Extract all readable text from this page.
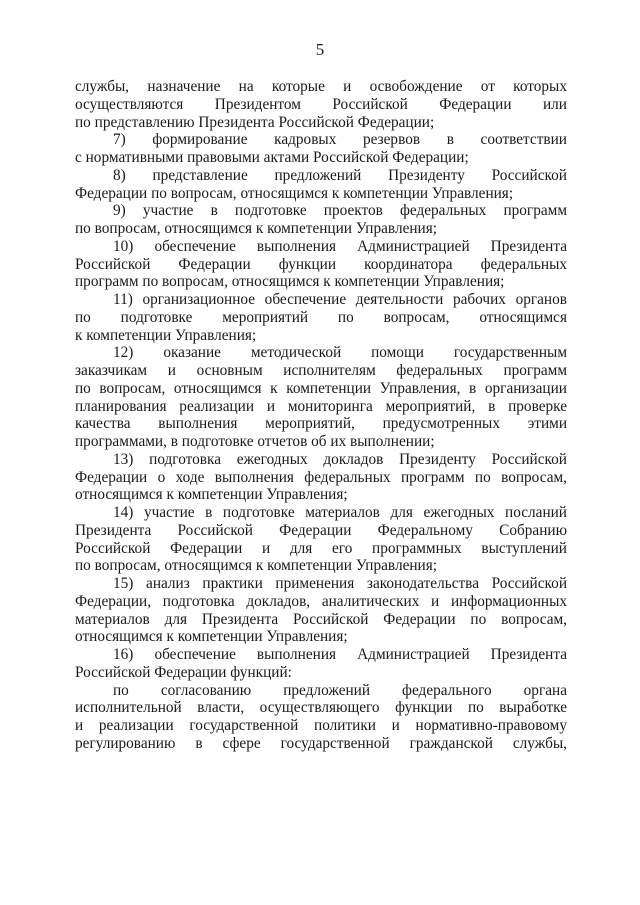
5

службы, назначение на которые и освобождение от которых
осуществляются Президентом Российской Федерации или
по представлению Президента Российской Федерации;

7) формирование кадровых резервов в соответствии
с нормативными правовыми актами Российской Федерации;

8) представление предложений Президенту Российской
Федерации по вопросам, относящимся к компетенции Управления;

9) участие в подготовке проектов федеральных программ
по вопросам, относящимся к компетенции Управления;

10) обеспечение выполнения Администрацией Президента
Российской Федерации функции координатора федеральных
программ по вопросам, относящимся к компетенции Управления;

11) организационное обеспечение деятельности рабочих органов
по подготовке мероприятий по вопросам, относящимся
к компетенции Управления;

12) оказание методической помощи государственным
заказчикам и основным исполнителям федеральных программ
по вопросам, относящимся к компетенции Управления, в организации
планирования реализации и мониторинга мероприятий, в проверке
качества выполнения мероприятий, предусмотренных этими
программами, в подготовке отчетов об их выполнении;

13) подготовка ежегодных докладов Президенту Российской
Федерации о ходе выполнения федеральных программ по вопросам,
относящимся к компетенции Управления;

14) участие в подготовке материалов для ежегодных посланий
Президента Российской Федерации Федеральному Собранию
Российской Федерации и для его программных выступлений
по вопросам, относящимся к компетенции Управления;

15) анализ практики применения законодательства Российской
Федерации, подготовка докладов, аналитических и информационных
материалов для Президента Российской Федерации по вопросам,
относящимся к компетенции Управления;

16) обеспечение выполнения Администрацией Президента
Российской Федерации функций:

по согласованию предложений федерального органа
исполнительной власти, осуществляющего функции по выработке
и реализации государственной политики и нормативно-правовому
регулированию в сфере государственной гражданской службы,
